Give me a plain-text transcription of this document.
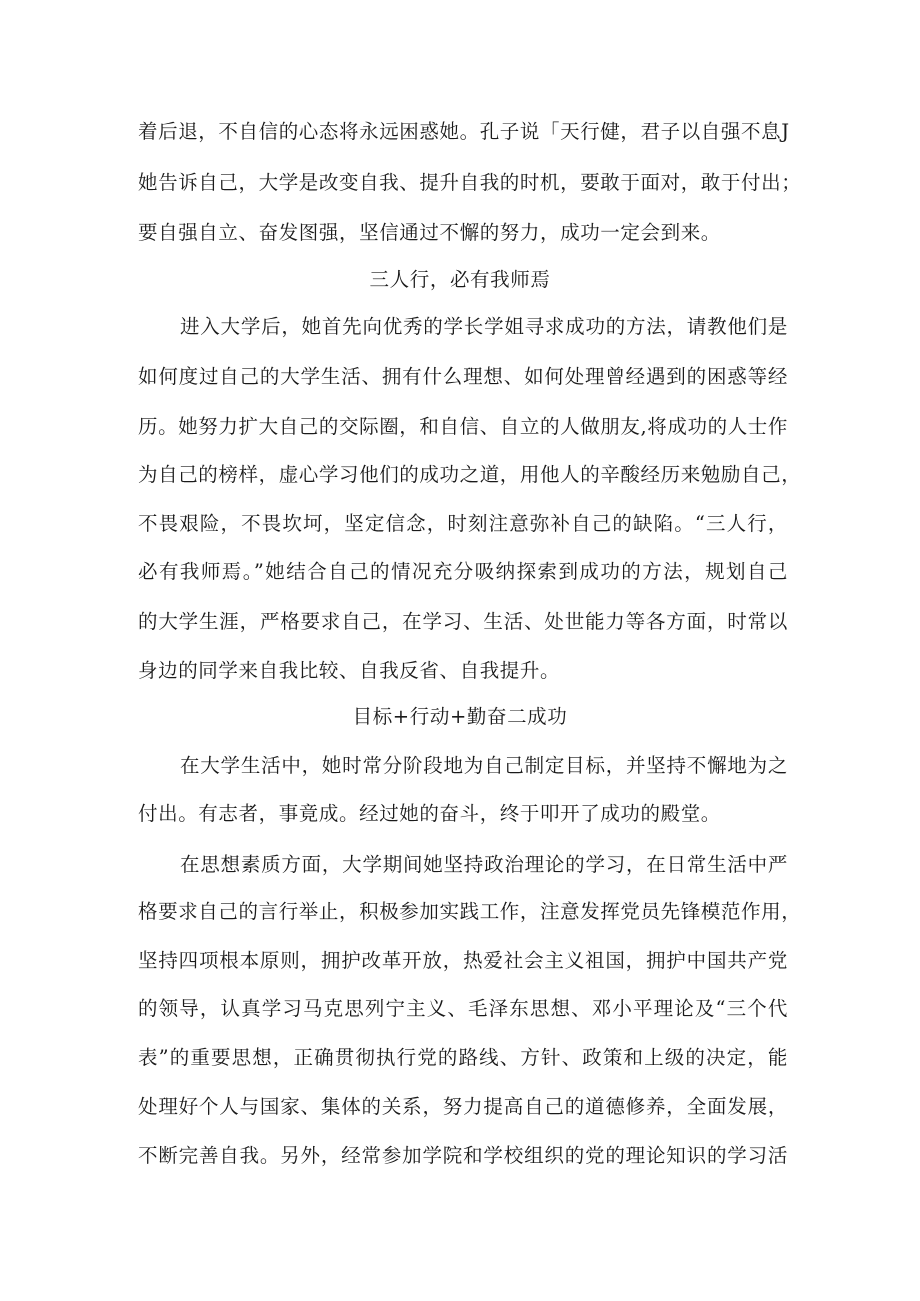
着后退，不自信的心态将永远困惑她。孔子说「天行健，君子以自强不息J
她告诉自己，大学是改变自我、提升自我的时机，要敢于面对，敢于付出；
要自强自立、奋发图强，坚信通过不懈的努力，成功一定会到来。
三人行，必有我师焉
进入大学后，她首先向优秀的学长学姐寻求成功的方法，请教他们是
如何度过自己的大学生活、拥有什么理想、如何处理曾经遇到的困惑等经
历。她努力扩大自己的交际圈，和自信、自立的人做朋友,将成功的人士作
为自己的榜样，虚心学习他们的成功之道，用他人的辛酸经历来勉励自己，
不畏艰险，不畏坎坷，坚定信念，时刻注意弥补自己的缺陷。“三人行，
必有我师焉。”她结合自己的情况充分吸纳探索到成功的方法，规划自己
的大学生涯，严格要求自己，在学习、生活、处世能力等各方面，时常以
身边的同学来自我比较、自我反省、自我提升。
目标+行动+勤奋二成功
在大学生活中，她时常分阶段地为自己制定目标，并坚持不懈地为之
付出。有志者，事竟成。经过她的奋斗，终于叩开了成功的殿堂。
在思想素质方面，大学期间她坚持政治理论的学习，在日常生活中严
格要求自己的言行举止，积极参加实践工作，注意发挥党员先锋模范作用，
坚持四项根本原则，拥护改革开放，热爱社会主义祖国，拥护中国共产党
的领导，认真学习马克思列宁主义、毛泽东思想、邓小平理论及“三个代
表”的重要思想，正确贯彻执行党的路线、方针、政策和上级的决定，能
处理好个人与国家、集体的关系，努力提高自己的道德修养，全面发展，
不断完善自我。另外，经常参加学院和学校组织的党的理论知识的学习活
